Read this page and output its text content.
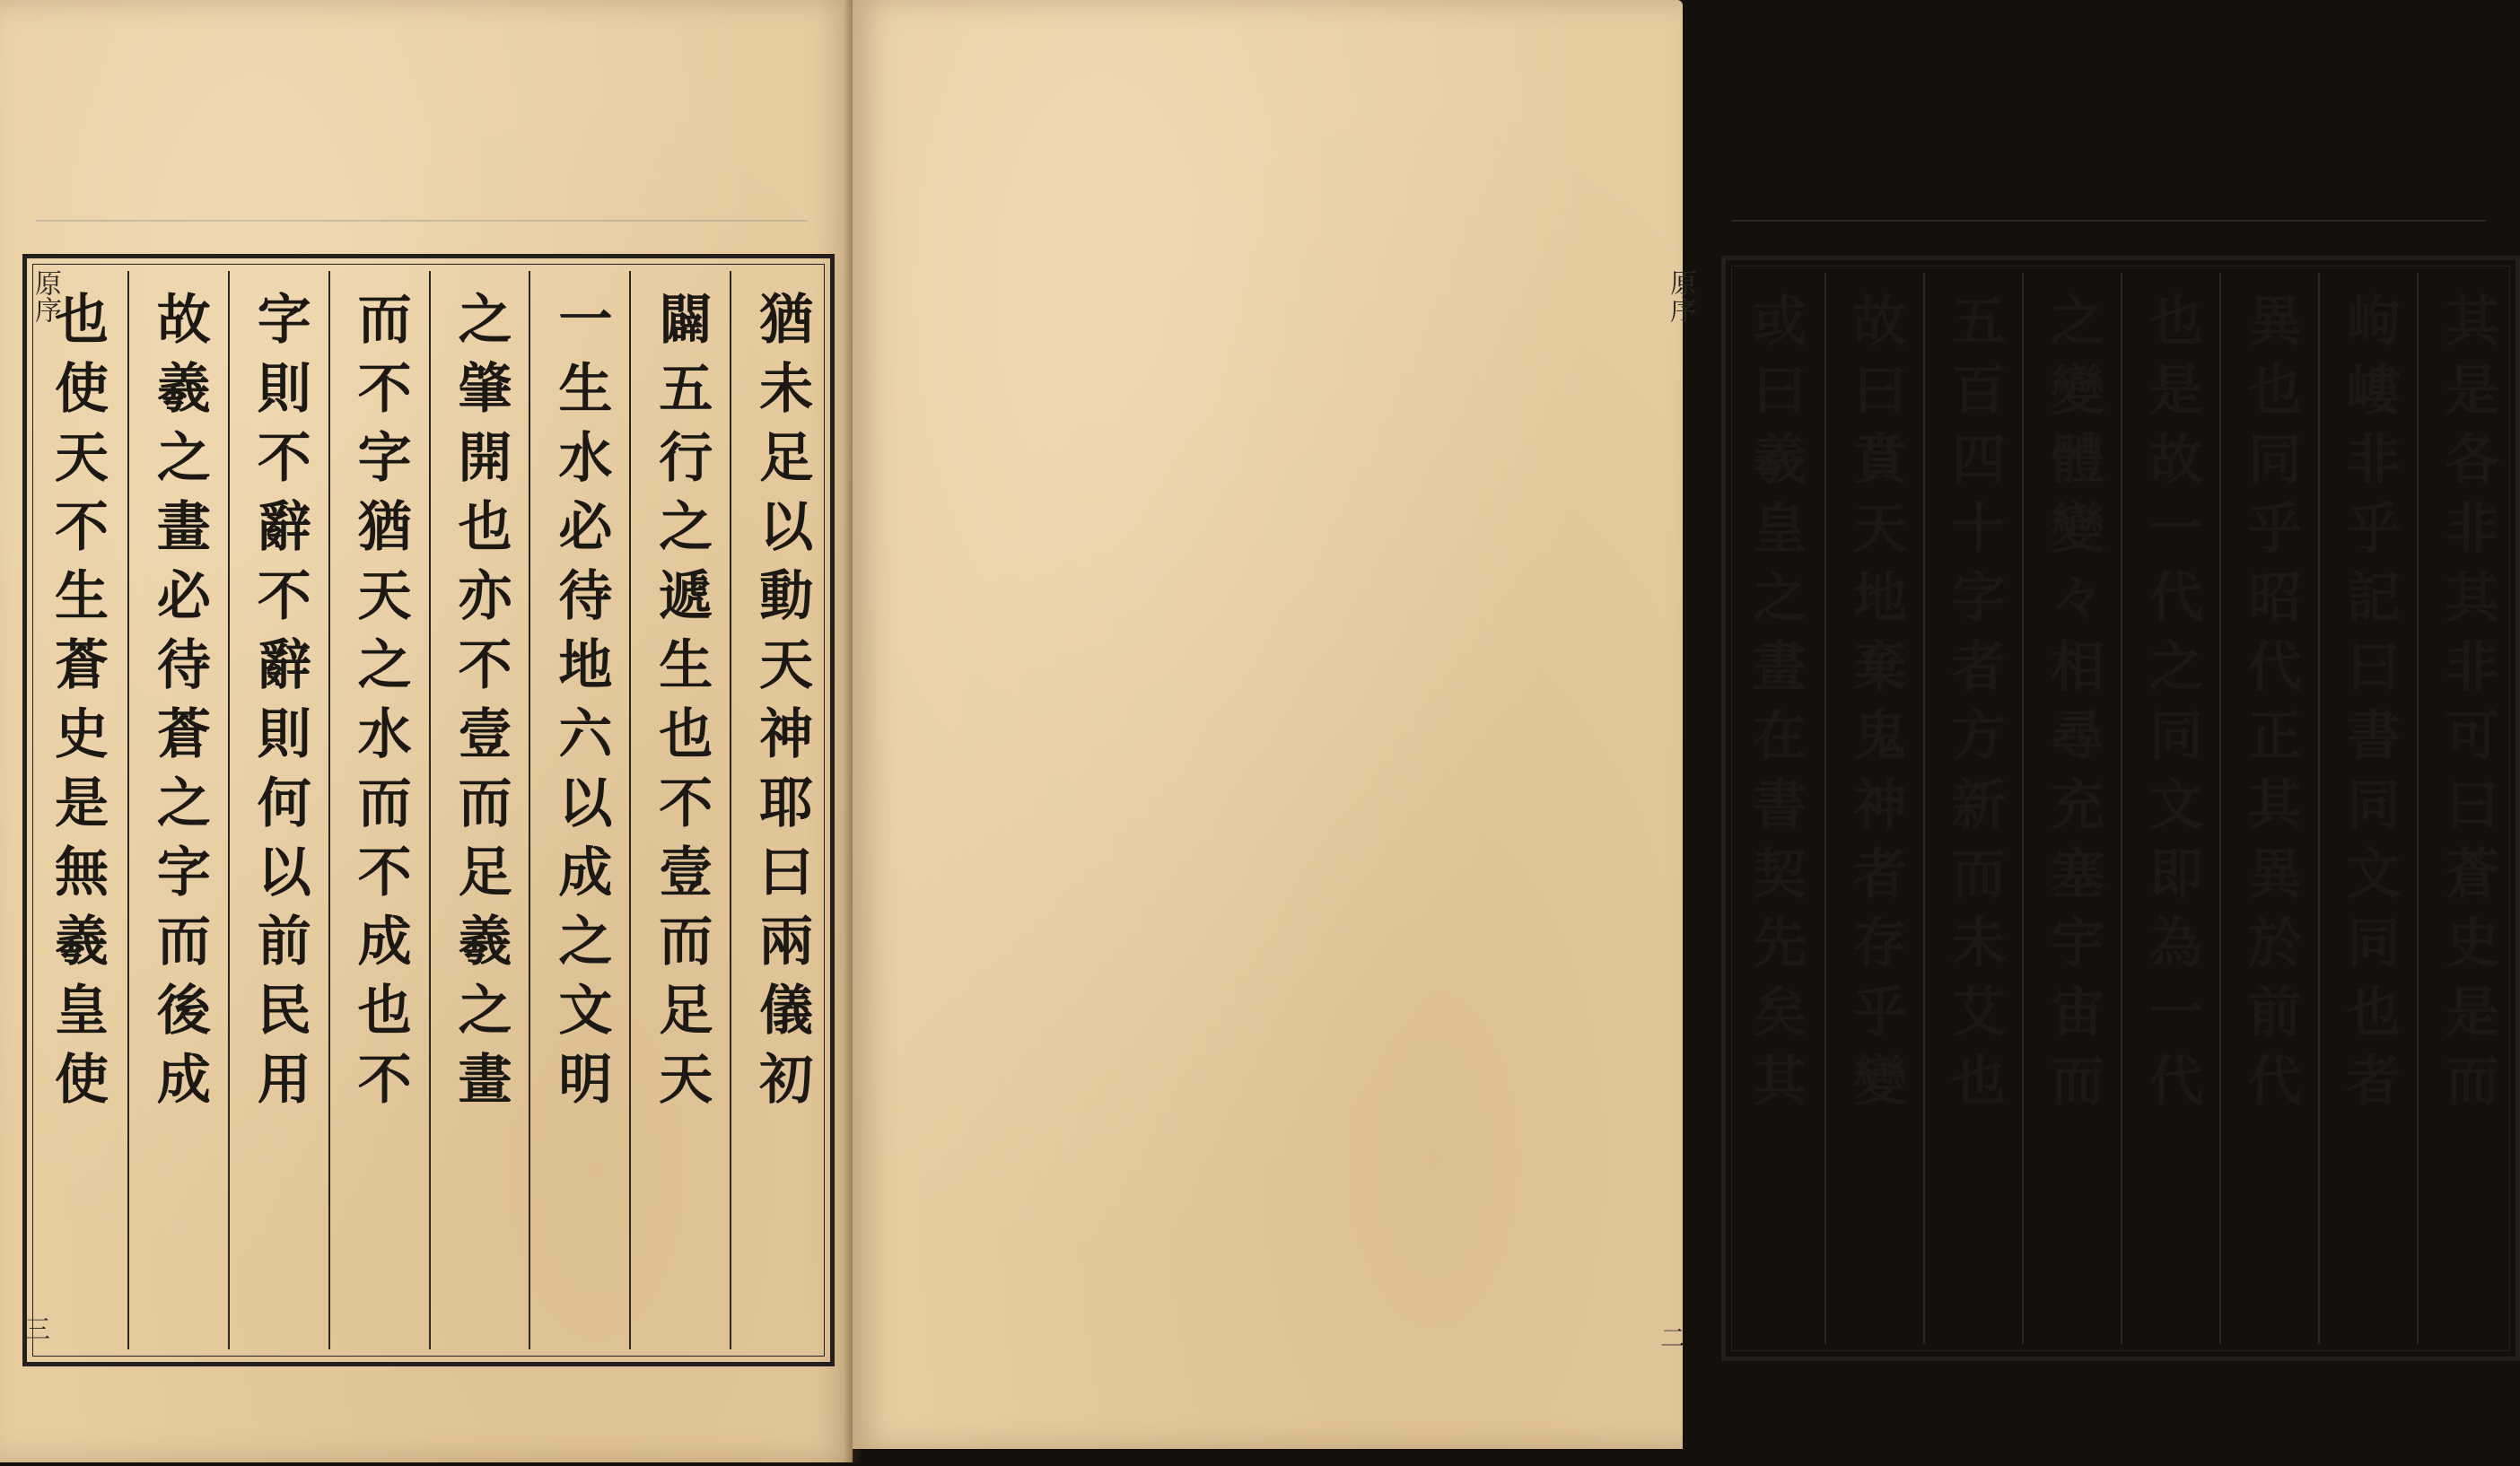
原序	猶未足以動天神耶曰兩儀初
闢五行之遞生也不壹而足天
一生水必待地六以成之文明
之肇開也亦不壹而足羲之畫
而不字猶天之水而不成也不
字則不辭不辭則何以前民用
故羲之畫必待蒼之字而後成
也使天不生蒼史是無羲皇使
三
其是各非其非可曰蒼史是而
岣嶁非乎記曰書同文同也者
異也同乎昭代正其異於前代
也是故一代之同文即為一代
之變體變々相尋充塞宇宙而
五百四十字者方新而未艾也
故曰賁天地棄鬼神者存乎變
或曰羲皇之畫在書契先矣其
原序
二
